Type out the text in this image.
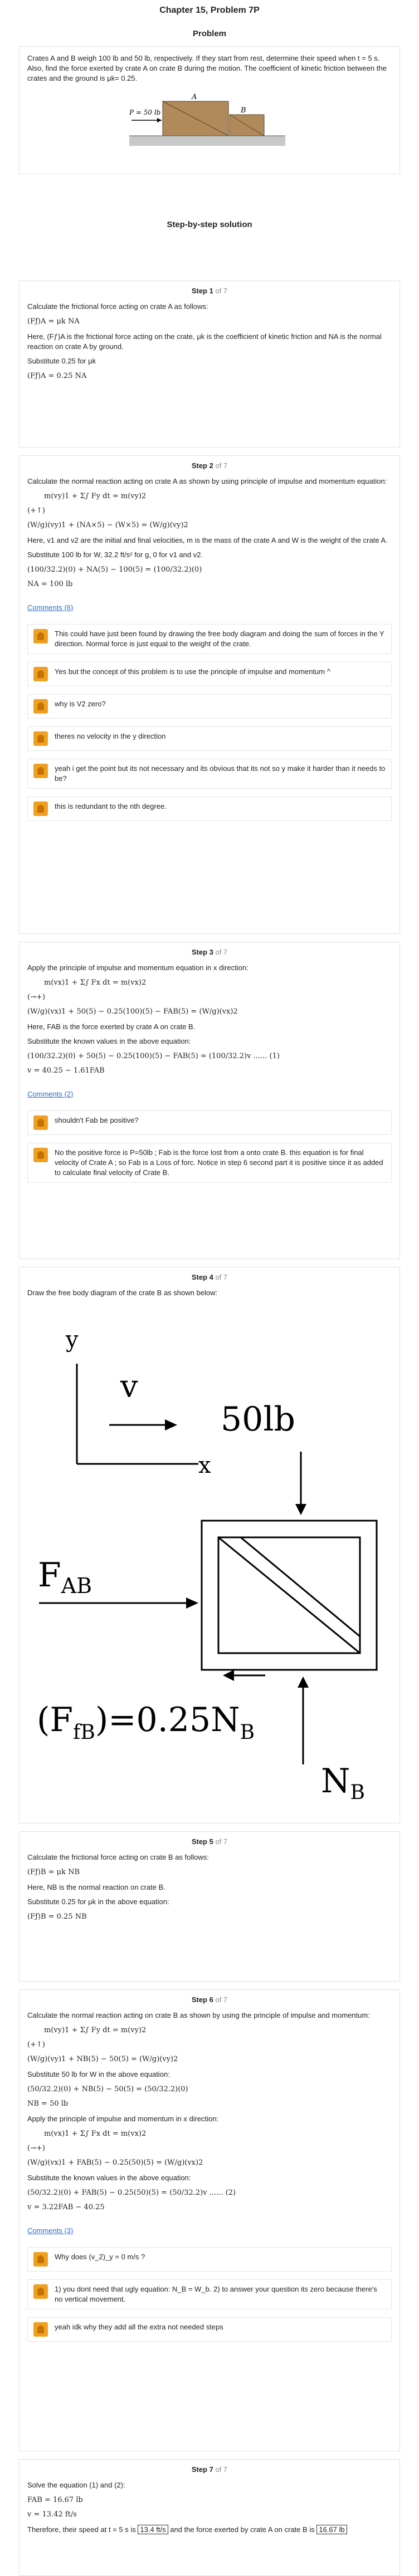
Chapter 15, Problem 7P
Problem
Crates A and B weigh 100 lb and 50 lb, respectively. If they start from rest, determine their speed when t = 5 s. Also, find the force exerted by crate A on crate B during the motion. The coefficient of kinetic friction between the crates and the ground is μk= 0.25.
A
B
P = 50 lb
Step-by-step solution
Step 1 of 7

Calculate the frictional force acting on crate A as follows:

(Fƒ)A = μk NA

Here, (Fƒ)A is the frictional force acting on the crate, μk is the coefficient of kinetic friction and NA is the normal reaction on crate A by ground.

Substitute 0.25 for μk

(Fƒ)A = 0.25 NA
Step 2 of 7

Calculate the normal reaction acting on crate A as shown by using principle of impulse and momentum equation:

m(vy)1 + Σ∫ Fy dt = m(vy)2
(+↑)
(W/g)(vy)1 + (NA×5) − (W×5) = (W/g)(vy)2

Here, v1 and v2 are the initial and final velocities, m is the mass of the crate A and W is the weight of the crate A.

Substitute 100 lb for W, 32.2 ft/s² for g, 0 for v1 and v2.

(100/32.2)(0) + NA(5) − 100(5) = (100/32.2)(0)
NA = 100 lb
Comments (6)
This could have just been found by drawing the free body diagram and doing the sum of forces in the Y direction. Normal force is just equal to the weight of the crate.
Yes but the concept of this problem is to use the principle of impulse and momentum ^
why is V2 zero?
theres no velocity in the y direction
yeah i get the point but its not necessary and its obvious that its not so y make it harder than it needs to be?
this is redundant to the nth degree.
Step 3 of 7

Apply the principle of impulse and momentum equation in x direction:

m(vx)1 + Σ∫ Fx dt = m(vx)2
(→+)
(W/g)(vx)1 + 50(5) − 0.25(100)(5) − FAB(5) = (W/g)(vx)2

Here, FAB is the force exerted by crate A on crate B.

Substitute the known values in the above equation:

(100/32.2)(0) + 50(5) − 0.25(100)(5) − FAB(5) = (100/32.2)v ...... (1)
v = 40.25 − 1.61FAB
Comments (2)
shouldn't Fab be positive?
No the positive force is P=50lb ; Fab is the force lost from a onto crate B. this equation is for final velocity of Crate A ; so Fab is a Loss of forc. Notice in step 6 second part it is positive since it as added to calculate final velocity of Crate B.
Step 4 of 7

Draw the free body diagram of the crate B as shown below:

y
x
v
50lb
$F_{AB}$
$(F_fB)=0.25N_B$
$N_B$
Step 5 of 7

Calculate the frictional force acting on crate B as follows:

(Fƒ)B = μk NB

Here, NB is the normal reaction on crate B.

Substitute 0.25 for μk in the above equation:

(Fƒ)B = 0.25 NB
Step 6 of 7

Calculate the normal reaction acting on crate B as shown by using the principle of impulse and momentum:

m(vy)1 + Σ∫ Fy dt = m(vy)2
(+↑)
(W/g)(vy)1 + NB(5) − 50(5) = (W/g)(vy)2

Substitute 50 lb for W in the above equation:

(50/32.2)(0) + NB(5) − 50(5) = (50/32.2)(0)
NB = 50 lb

Apply the principle of impulse and momentum in x direction:

m(vx)1 + Σ∫ Fx dt = m(vx)2
(→+)
(W/g)(vx)1 + FAB(5) − 0.25(50)(5) = (W/g)(vx)2

Substitute the known values in the above equation:

(50/32.2)(0) + FAB(5) − 0.25(50)(5) = (50/32.2)v ...... (2)
v = 3.22FAB − 40.25
Comments (3)
Why does (v_2)_y = 0 m/s ?
1) you dont need that ugly equation: N_B = W_b. 2) to answer your question its zero because there's no vertical movement.
yeah idk why they add all the extra not needed steps
Step 7 of 7

Solve the equation (1) and (2):

FAB = 16.67 lb
v = 13.42 ft/s

Therefore, their speed at t = 5 s is 13.4 ft/s and the force exerted by crate A on crate B is 16.67 lb
